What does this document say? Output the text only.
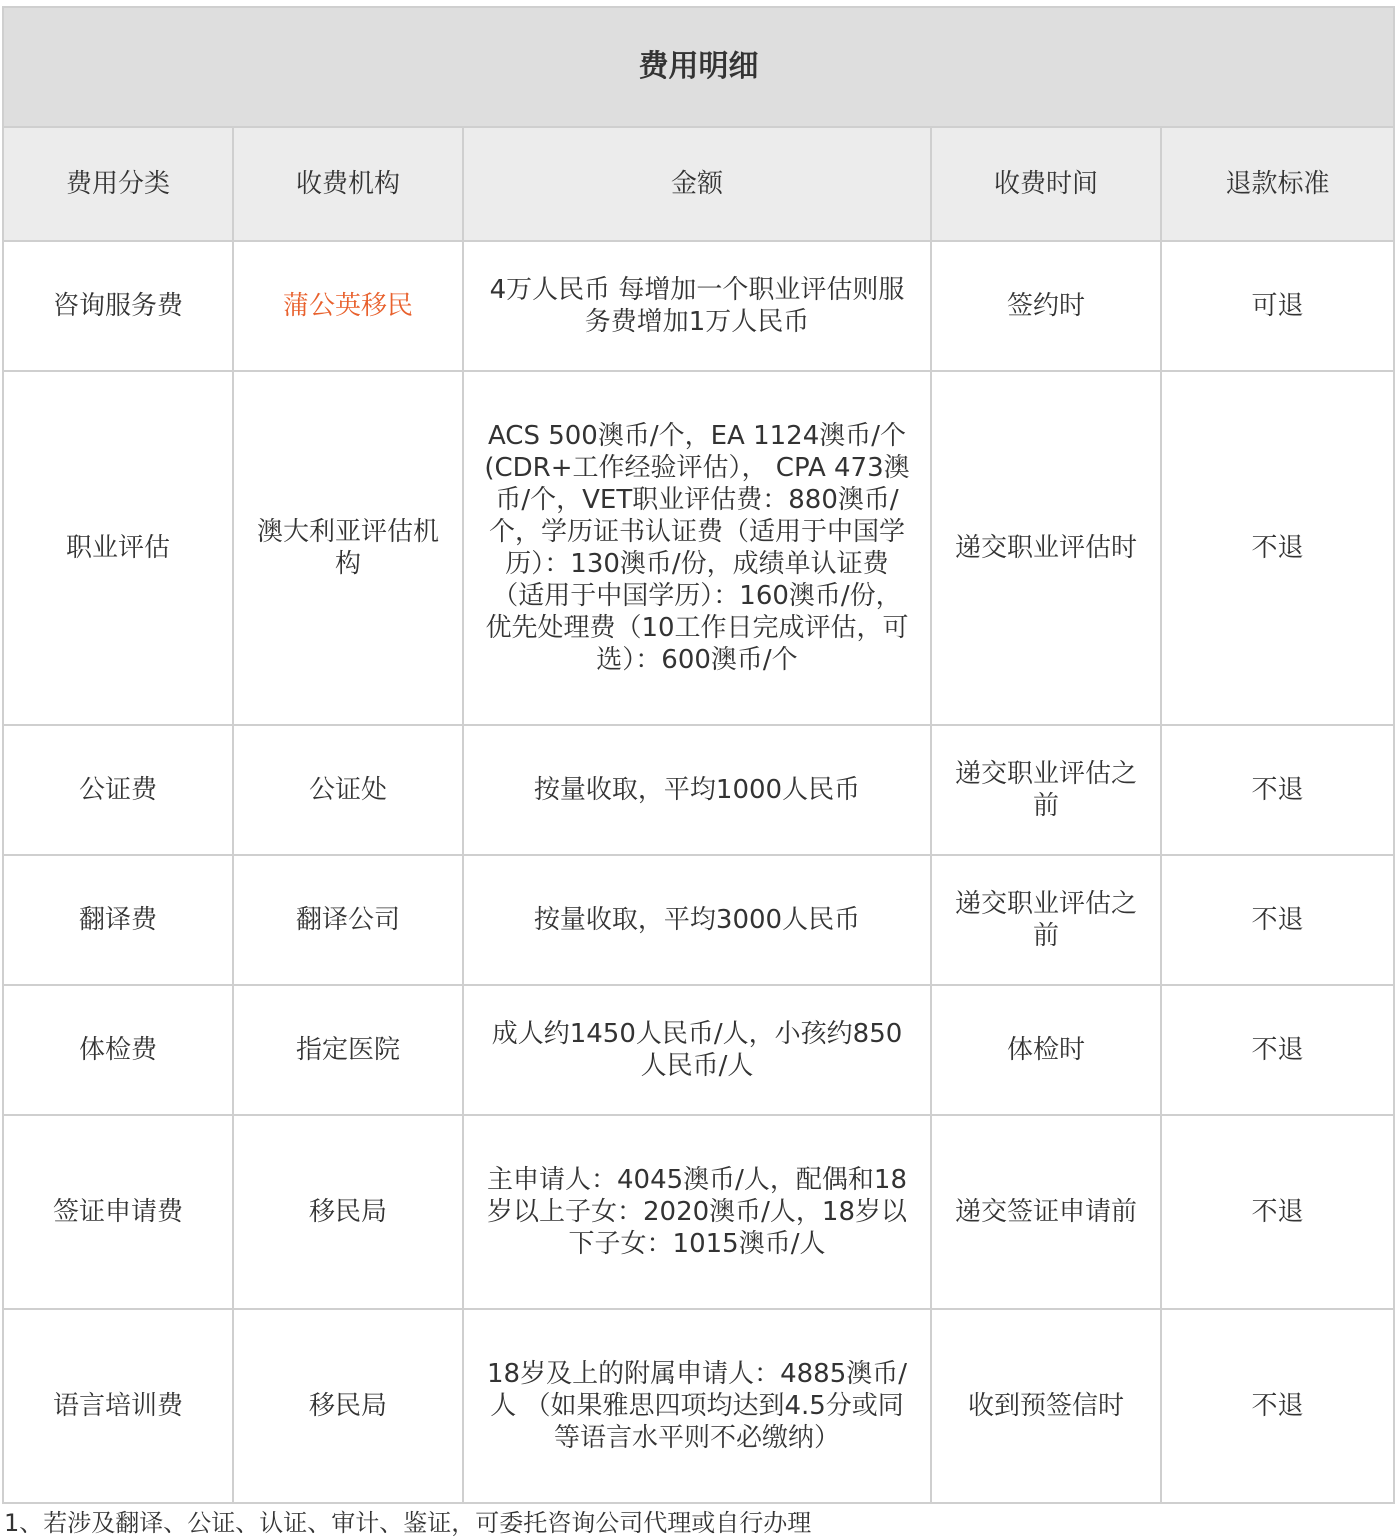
费用明细				
费用分类	收费机构	金额	收费时间	退款标准
咨询服务费	蒲公英移民	4万人民币 每增加一个职业评估则服务费增加1万人民币	签约时	可退
职业评估	澳大利亚评估机构	ACS 500澳币/个，EA 1124澳币/个(CDR+工作经验评估）， CPA 473澳币/个，VET职业评估费：880澳币/个，学历证书认证费（适用于中国学历）：130澳币/份，成绩单认证费（适用于中国学历）：160澳币/份，优先处理费（10工作日完成评估，可选）：600澳币/个	递交职业评估时	不退
公证费	公证处	按量收取，平均1000人民币	递交职业评估之前	不退
翻译费	翻译公司	按量收取，平均3000人民币	递交职业评估之前	不退
体检费	指定医院	成人约1450人民币/人，小孩约850人民币/人	体检时	不退
签证申请费	移民局	主申请人：4045澳币/人，配偶和18岁以上子女：2020澳币/人，18岁以下子女：1015澳币/人	递交签证申请前	不退
语言培训费	移民局	18岁及上的附属申请人：4885澳币/人 （如果雅思四项均达到4.5分或同等语言水平则不必缴纳）	收到预签信时	不退
1、若涉及翻译、公证、认证、审计、鉴证，可委托咨询公司代理或自行办理
